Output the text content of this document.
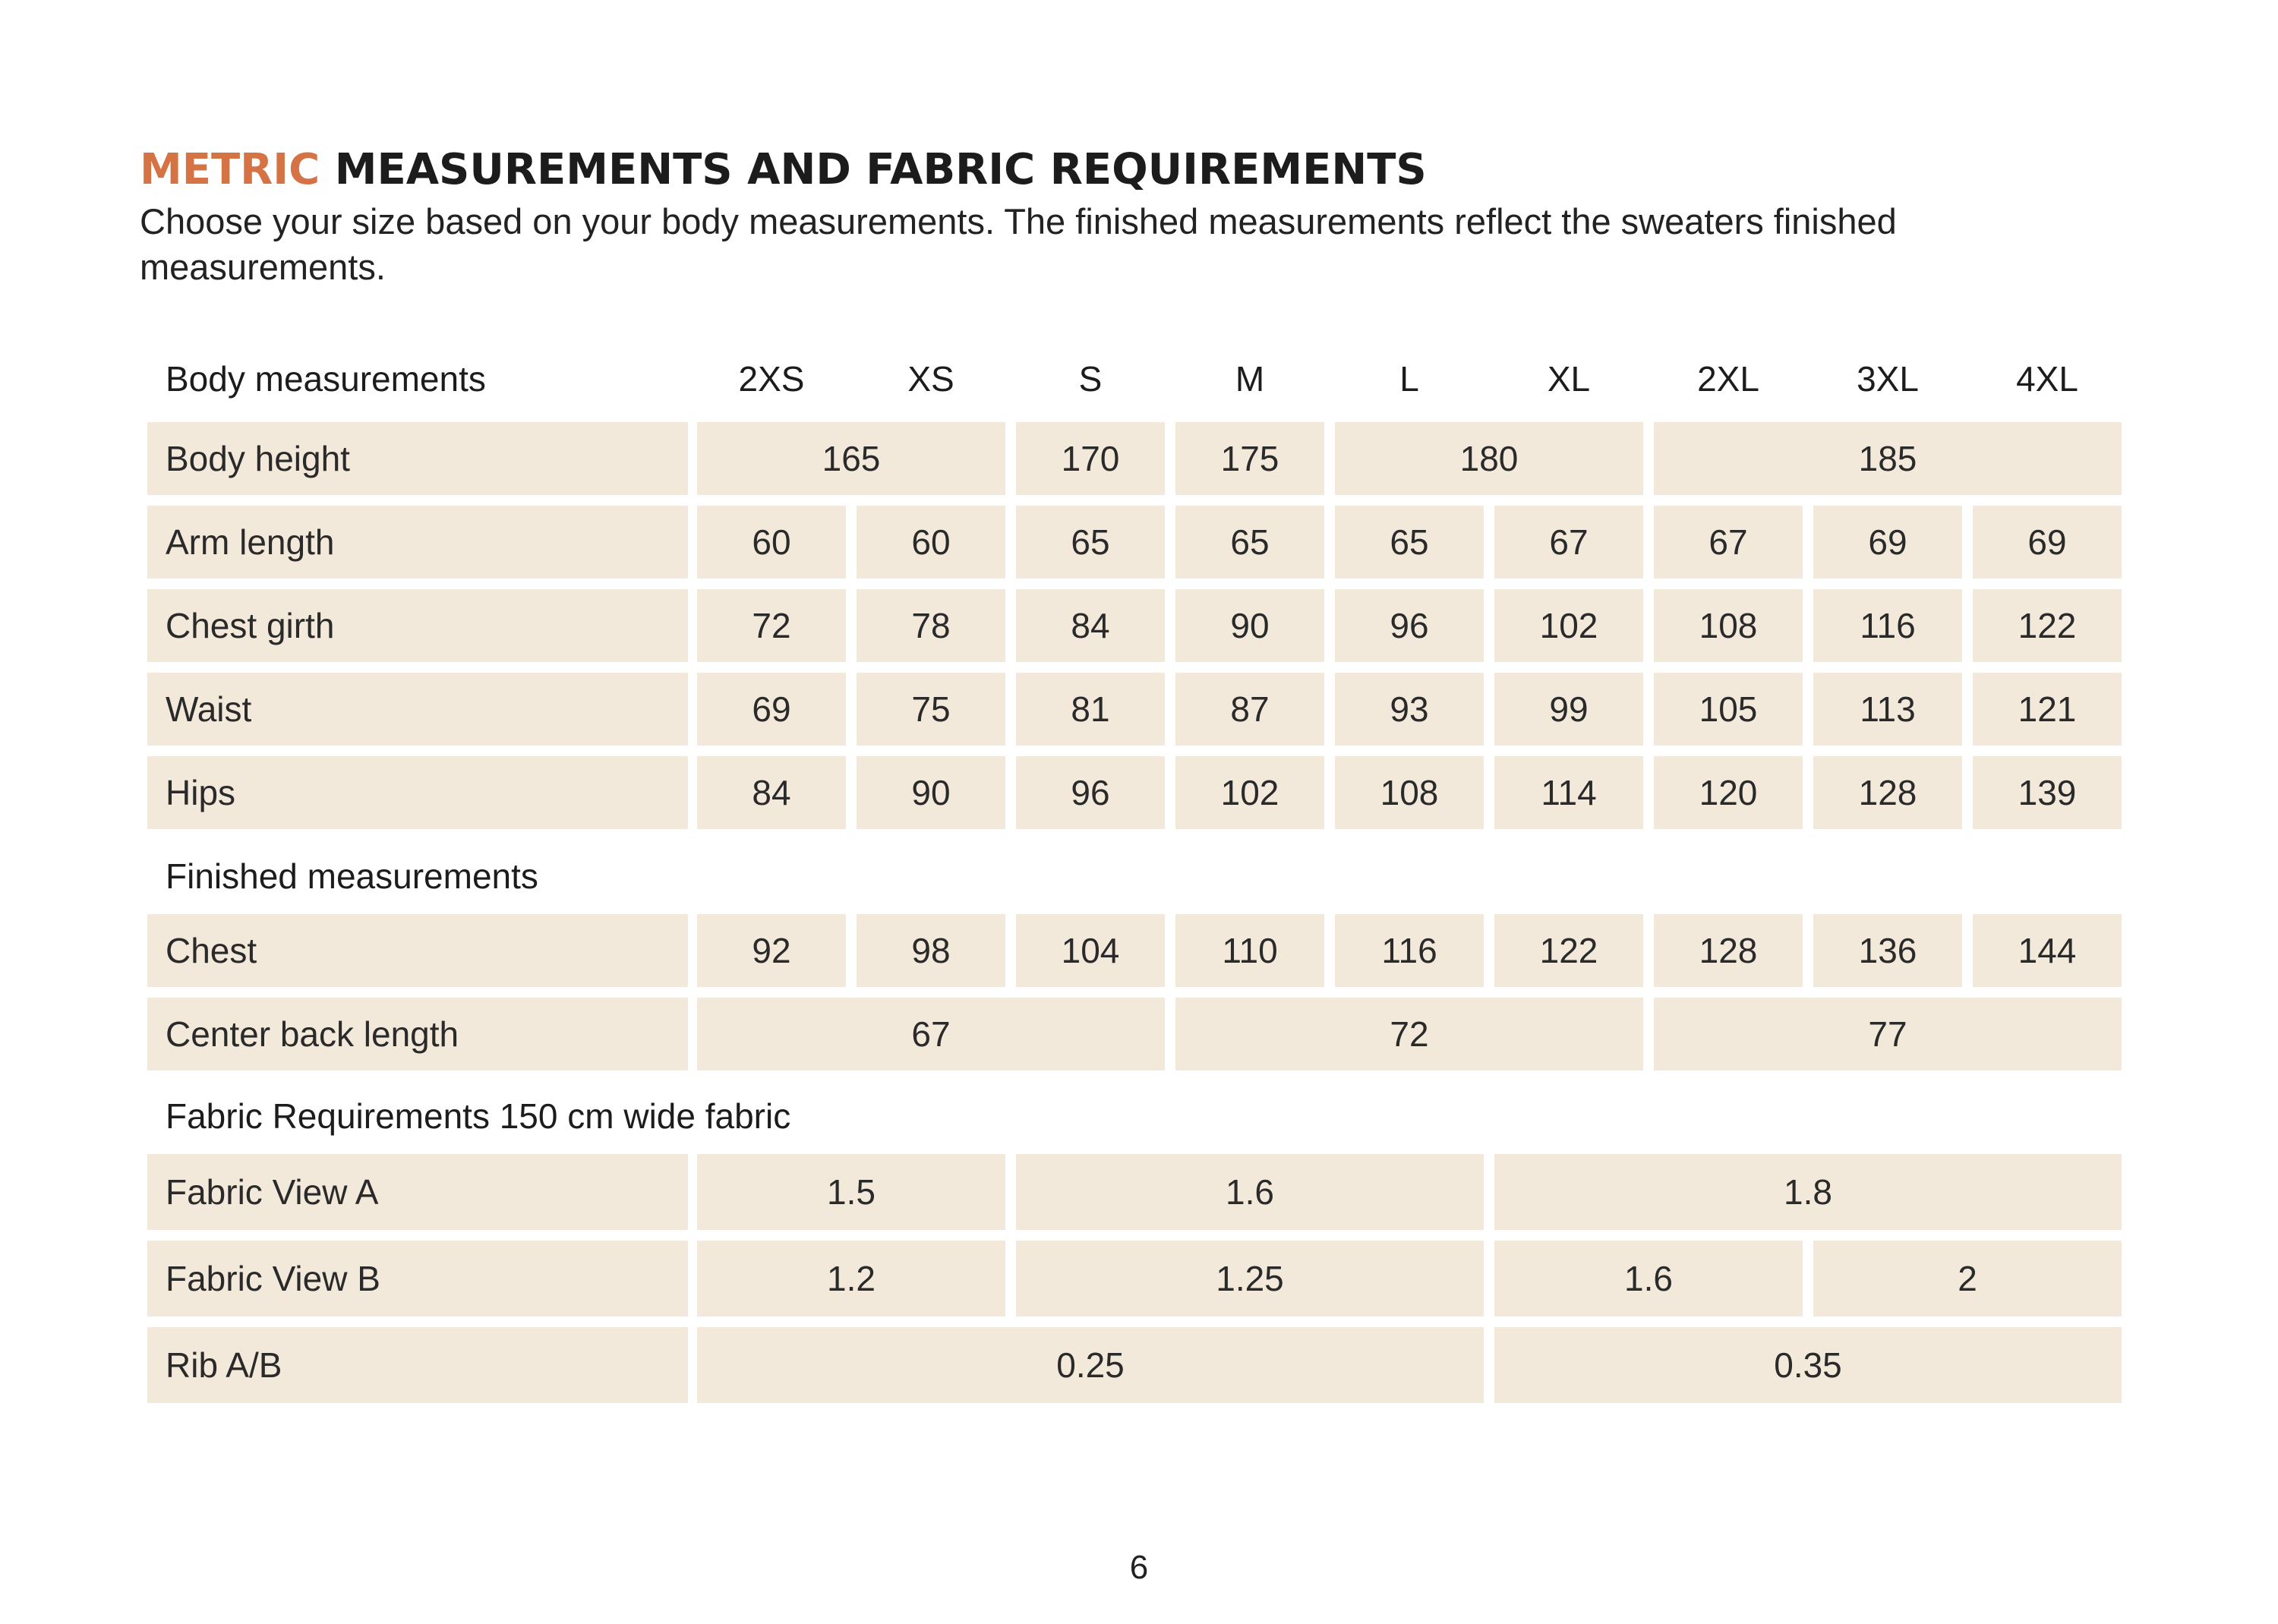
METRIC MEASUREMENTS AND FABRIC REQUIREMENTS
Choose your size based on your body measurements. The finished measurements reflect the sweaters finished measurements.
Body measurements	2XS	XS	S	M	L	XL	2XL	3XL	4XL
Body height	165	170	175	180	185
Arm length	60	60	65	65	65	67	67	69	69
Chest girth	72	78	84	90	96	102	108	116	122
Waist	69	75	81	87	93	99	105	113	121
Hips	84	90	96	102	108	114	120	128	139
Finished measurements
Chest	92	98	104	110	116	122	128	136	144
Center back length	67	72	77
Fabric Requirements 150 cm wide fabric
Fabric View A	1.5	1.6	1.8
Fabric View B	1.2	1.25	1.6	2
Rib A/B	0.25	0.35
6
